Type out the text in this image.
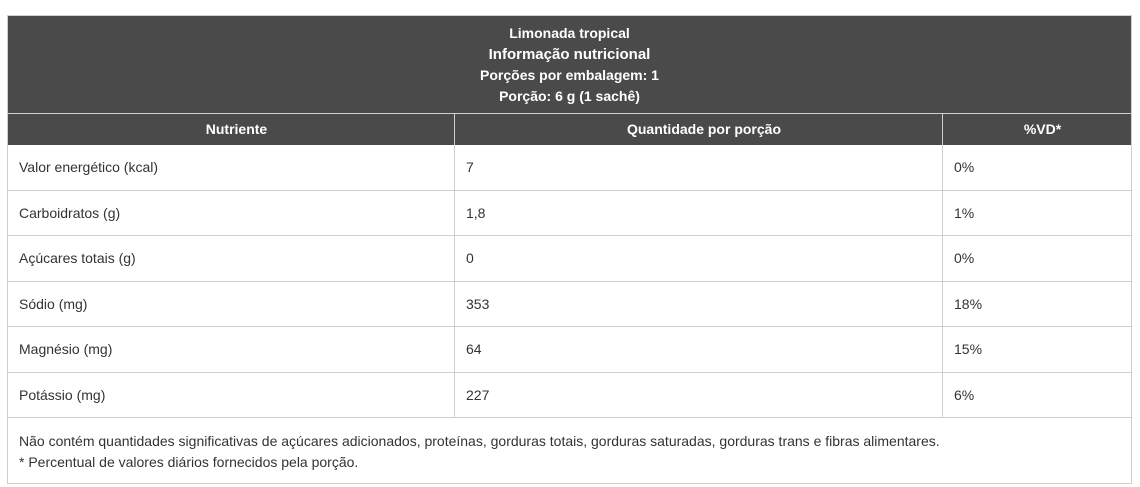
Limonada tropical
Informação nutricional
Porções por embalagem: 1
Porção: 6 g (1 sachê)
Nutriente	Quantidade por porção	%VD*
Valor energético (kcal)	7	0%
Carboidratos (g)	1,8	1%
Açúcares totais (g)	0	0%
Sódio (mg)	353	18%
Magnésio (mg)	64	15%
Potássio (mg)	227	6%
Não contém quantidades significativas de açúcares adicionados, proteínas, gorduras totais, gorduras saturadas, gorduras trans e fibras alimentares.
* Percentual de valores diários fornecidos pela porção.
